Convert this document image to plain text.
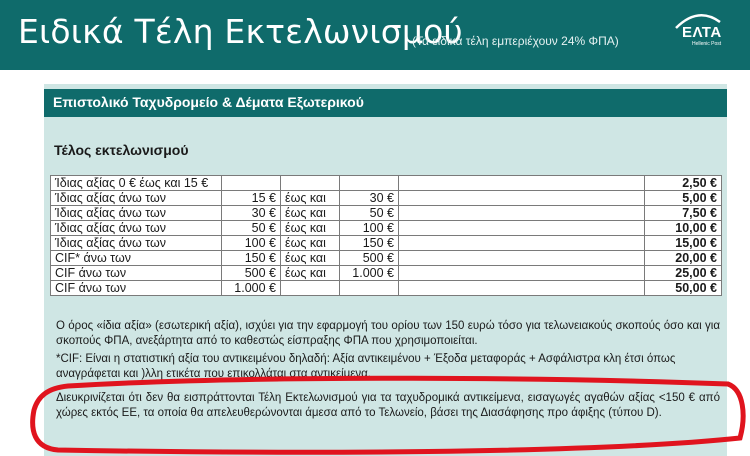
Ειδικά Τέλη Εκτελωνισμού
(Τα ειδικά τέλη εμπεριέχουν 24% ΦΠΑ)	ΕΛΤΑ
Hellenic Post
Επιστολικό Ταχυδρομείο & Δέματα Εξωτερικού
Τέλος εκτελωνισμού
Ίδιας αξίας 0 € έως και 15 €					2,50 €
Ίδιας αξίας άνω των	15 €	έως και	30 €		5,00 €
Ίδιας αξίας άνω των	30 €	έως και	50 €		7,50 €
Ίδιας αξίας άνω των	50 €	έως και	100 €		10,00 €
Ίδιας αξίας άνω των	100 €	έως και	150 €		15,00 €
CIF* άνω των	150 €	έως και	500 €		20,00 €
CIF άνω των	500 €	έως και	1.000 €		25,00 €
CIF άνω των	1.000 €				50,00 €
Ο όρος «ίδια αξία» (εσωτερική αξία), ισχύει για την εφαρμογή του ορίου των 150 ευρώ τόσο για τελωνειακούς σκοπούς όσο και για σκοπούς ΦΠΑ, ανεξάρτητα από το καθεστώς είσπραξης ΦΠΑ που χρησιμοποιείται.
*CIF: Είναι η στατιστική αξία του αντικειμένου δηλαδή: Αξία αντικειμένου + Έξοδα μεταφοράς + Ασφάλιστρα κλη έτσι όπως αναγράφεται και )λλη ετικέτα που επικολλάται στα αντικείμενα.
Διευκρινίζεται ότι δεν θα εισπράττονται Τέλη Εκτελωνισμού για τα ταχυδρομικά αντικείμενα, εισαγωγές αγαθών αξίας <150 € από χώρες εκτός ΕΕ, τα οποία θα απελευθερώνονται άμεσα από το Τελωνείο, βάσει της Διασάφησης προ άφιξης (τύπου D).
